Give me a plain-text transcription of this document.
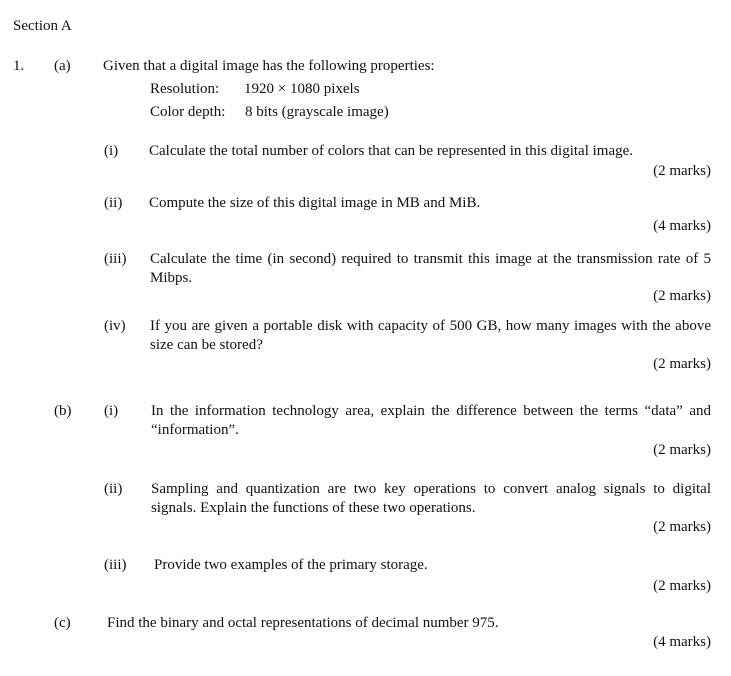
Section A
1. (a) Given that a digital image has the following properties:
Resolution: 1920 × 1080 pixels
Color depth: 8 bits (grayscale image)
(i) Calculate the total number of colors that can be represented in this digital image.
(2 marks)
(ii) Compute the size of this digital image in MB and MiB.
(4 marks)
(iii) Calculate the time (in second) required to transmit this image at the transmission rate of 5 Mibps.
(2 marks)
(iv) If you are given a portable disk with capacity of 500 GB, how many images with the above size can be stored?
(2 marks)
(b) (i) In the information technology area, explain the difference between the terms “data” and “information”.
(2 marks)
(ii) Sampling and quantization are two key operations to convert analog signals to digital signals. Explain the functions of these two operations.
(2 marks)
(iii) Provide two examples of the primary storage.
(2 marks)
(c) Find the binary and octal representations of decimal number 975.
(4 marks)
